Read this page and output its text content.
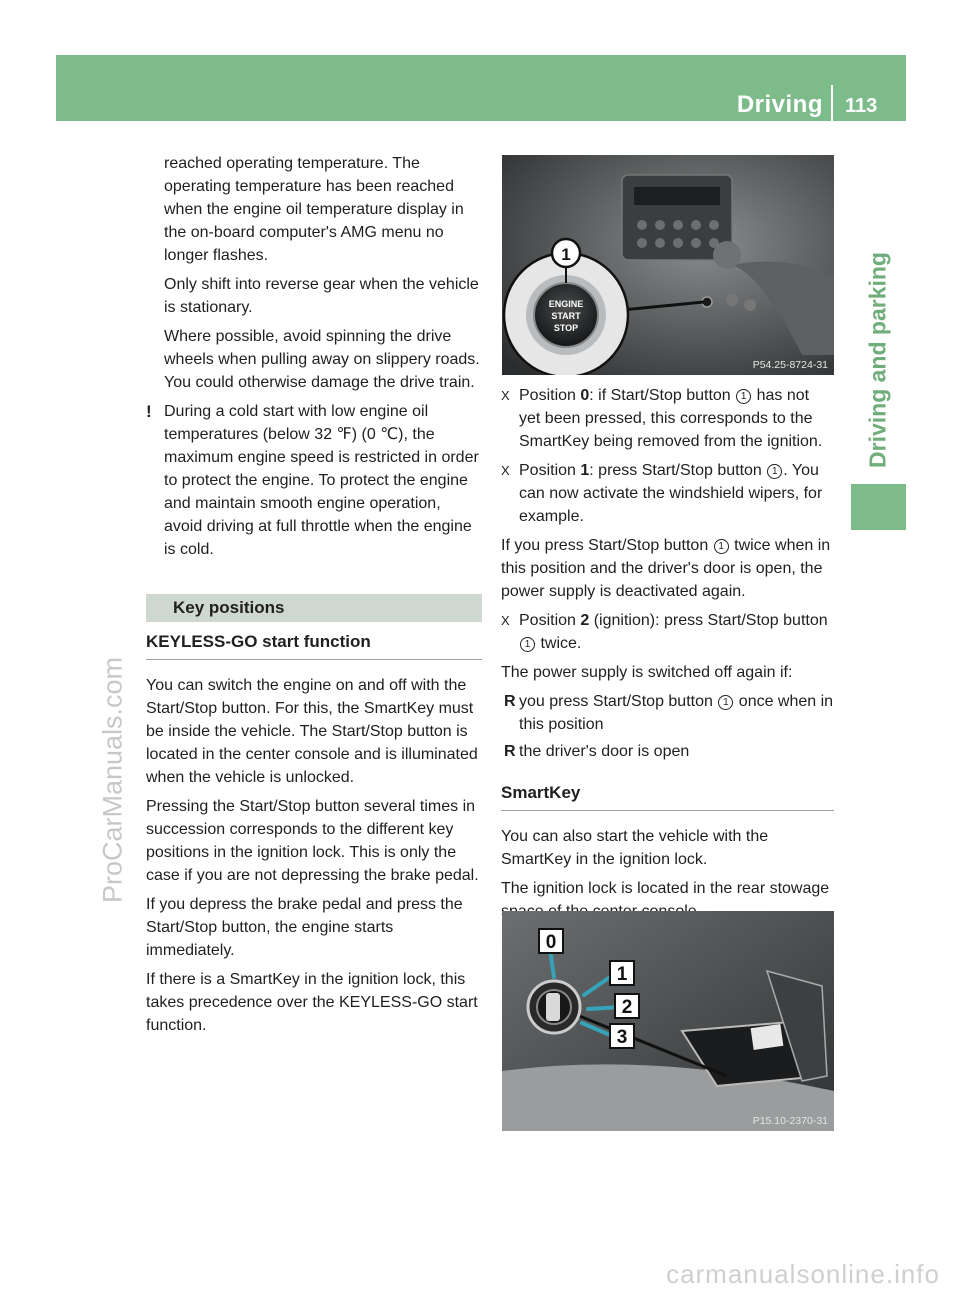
Driving 113
Driving and parking
ProCarManuals.com
carmanualsonline.info

reached operating temperature. The operating temperature has been reached when the engine oil temperature display in the on-board computer's AMG menu no longer flashes.

Only shift into reverse gear when the vehicle is stationary.

Where possible, avoid spinning the drive wheels when pulling away on slippery roads. You could otherwise damage the drive train.

! During a cold start with low engine oil temperatures (below 32 ℉) (0 ℃), the maximum engine speed is restricted in order to protect the engine. To protect the engine and maintain smooth engine operation, avoid driving at full throttle when the engine is cold.
Key positions
KEYLESS-GO start function

You can switch the engine on and off with the Start/Stop button. For this, the SmartKey must be inside the vehicle. The Start/Stop button is located in the center console and is illuminated when the vehicle is unlocked.

Pressing the Start/Stop button several times in succession corresponds to the different key positions in the ignition lock. This is only the case if you are not depressing the brake pedal.

If you depress the brake pedal and press the Start/Stop button, the engine starts immediately.

If there is a SmartKey in the ignition lock, this takes precedence over the KEYLESS-GO start function.

ENGINE
START
STOP
1
P54.25-8724-31
X Position 0: if Start/Stop button 1 has not yet been pressed, this corresponds to the SmartKey being removed from the ignition.
X Position 1: press Start/Stop button 1 . You can now activate the windshield wipers, for example.

If you press Start/Stop button 1 twice when in this position and the driver's door is open, the power supply is deactivated again.

X Position 2 (ignition): press Start/Stop button 1 twice.

The power supply is switched off again if:

R you press Start/Stop button 1 once when in this position
R the driver's door is open
SmartKey

You can also start the vehicle with the SmartKey in the ignition lock.

The ignition lock is located in the rear stowage

0
1
2
3
P15.10-2370-31
